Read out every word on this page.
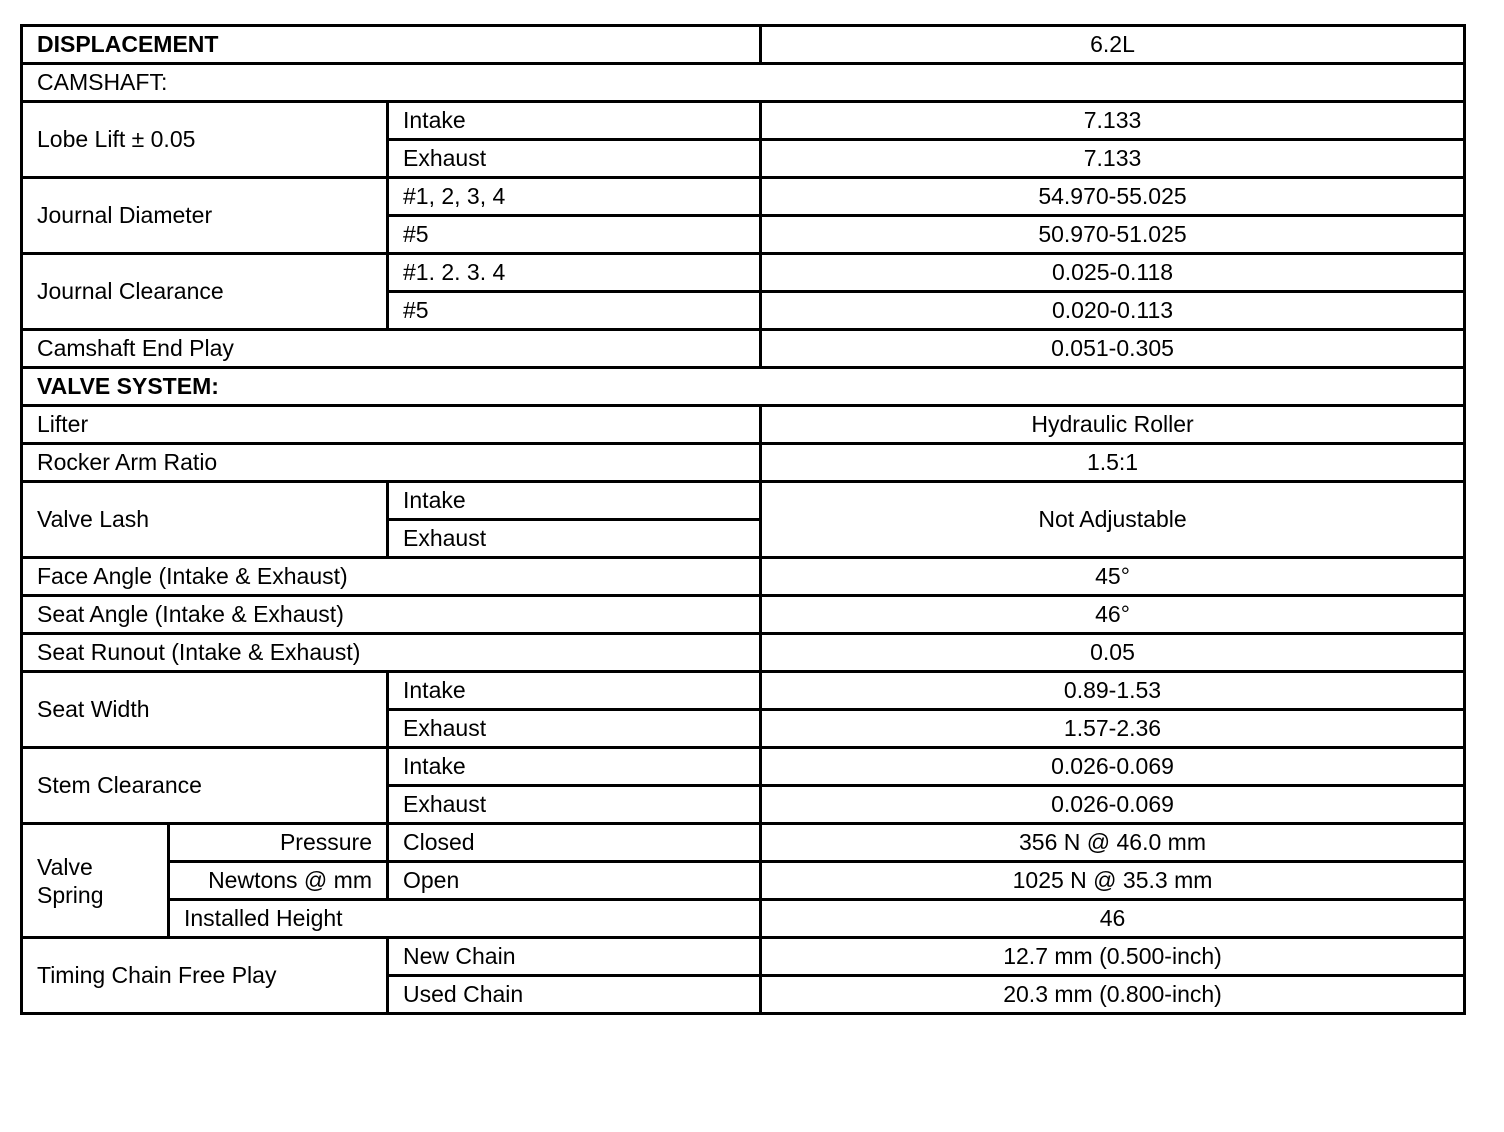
DISPLACEMENT			6.2L
CAMSHAFT:			
Lobe Lift ± 0.05		Intake	7.133
		Exhaust	7.133
Journal Diameter		#1, 2, 3, 4	54.970-55.025
		#5	50.970-51.025
Journal Clearance		#1. 2. 3. 4	0.025-0.118
		#5	0.020-0.113
Camshaft End Play			0.051-0.305
VALVE SYSTEM:			
Lifter			Hydraulic Roller
Rocker Arm Ratio			1.5:1
Valve Lash		Intake	Not Adjustable
		Exhaust	
Face Angle (Intake & Exhaust)			45°
Seat Angle (Intake & Exhaust)			46°
Seat Runout (Intake & Exhaust)			0.05
Seat Width		Intake	0.89-1.53
		Exhaust	1.57-2.36
Stem Clearance		Intake	0.026-0.069
		Exhaust	0.026-0.069
Valve
Spring	Pressure	Closed	356 N @ 46.0 mm
	Newtons @ mm	Open	1025 N @ 35.3 mm
	Installed Height		46
Timing Chain Free Play		New Chain	12.7 mm (0.500-inch)
		Used Chain	20.3 mm (0.800-inch)
